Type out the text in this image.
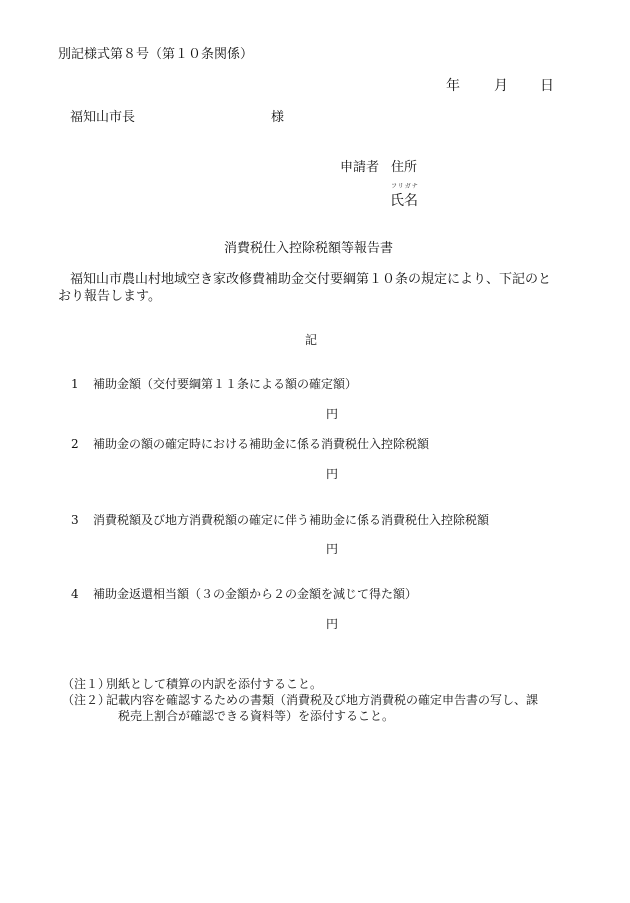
別記様式第８号（第１０条関係）
年 月 日
福知山市長	様
申請者 住所
フリガナ
氏名
消費税仕入控除税額等報告書
福知山市農山村地域空き家改修費補助金交付要綱第１０条の規定により、下記のと
おり報告します。
記
1 補助金額（交付要綱第１１条による額の確定額）
円
2 補助金の額の確定時における補助金に係る消費税仕入控除税額
円
3 消費税額及び地方消費税額の確定に伴う補助金に係る消費税仕入控除税額
円
4 補助金返還相当額（３の金額から２の金額を減じて得た額）
円
（注１）
別紙として積算の内訳を添付すること。
（注２）
記載内容を確認するための書類（消費税及び地方消費税の確定申告書の写し、課
税売上割合が確認できる資料等）を添付すること。
